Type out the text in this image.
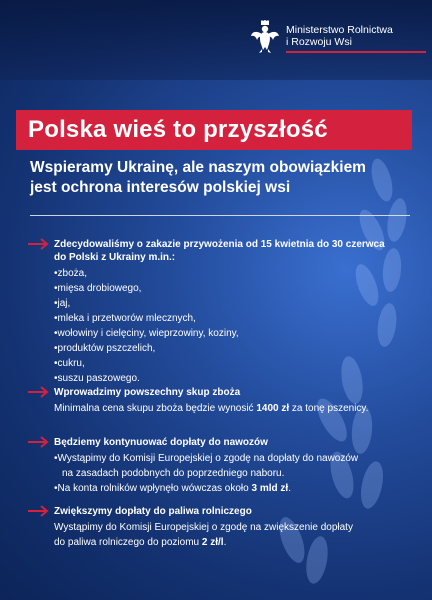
Ministerstwo Rolnictwa
i Rozwoju Wsi
Polska wieś to przyszłość
Wspieramy Ukrainę, ale naszym obowiązkiem
jest ochrona interesów polskiej wsi
Zdecydowaliśmy o zakazie przywożenia od 15 kwietnia do 30 czerwca
do Polski z Ukrainy m.in.:
• zboża,
• mięsa drobiowego,
• jaj,
• mleka i przetworów mlecznych,
• wołowiny i cielęciny, wieprzowiny, koziny,
• produktów pszczelich,
• cukru,
• suszu paszowego.
Wprowadzimy powszechny skup zboża

Minimalna cena skupu zboża będzie wynosić 1400 zł za tonę pszenicy.

Będziemy kontynuować dopłaty do nawozów
• Wystąpimy do Komisji Europejskiej o zgodę na dopłaty do nawozów
na zasadach podobnych do poprzedniego naboru.
• Na konta rolników wpłynęło wówczas około 3 mld zł.
Zwiększymy dopłaty do paliwa rolniczego

Wystąpimy do Komisji Europejskiej o zgodę na zwiększenie dopłaty
do paliwa rolniczego do poziomu 2 zł/l.
